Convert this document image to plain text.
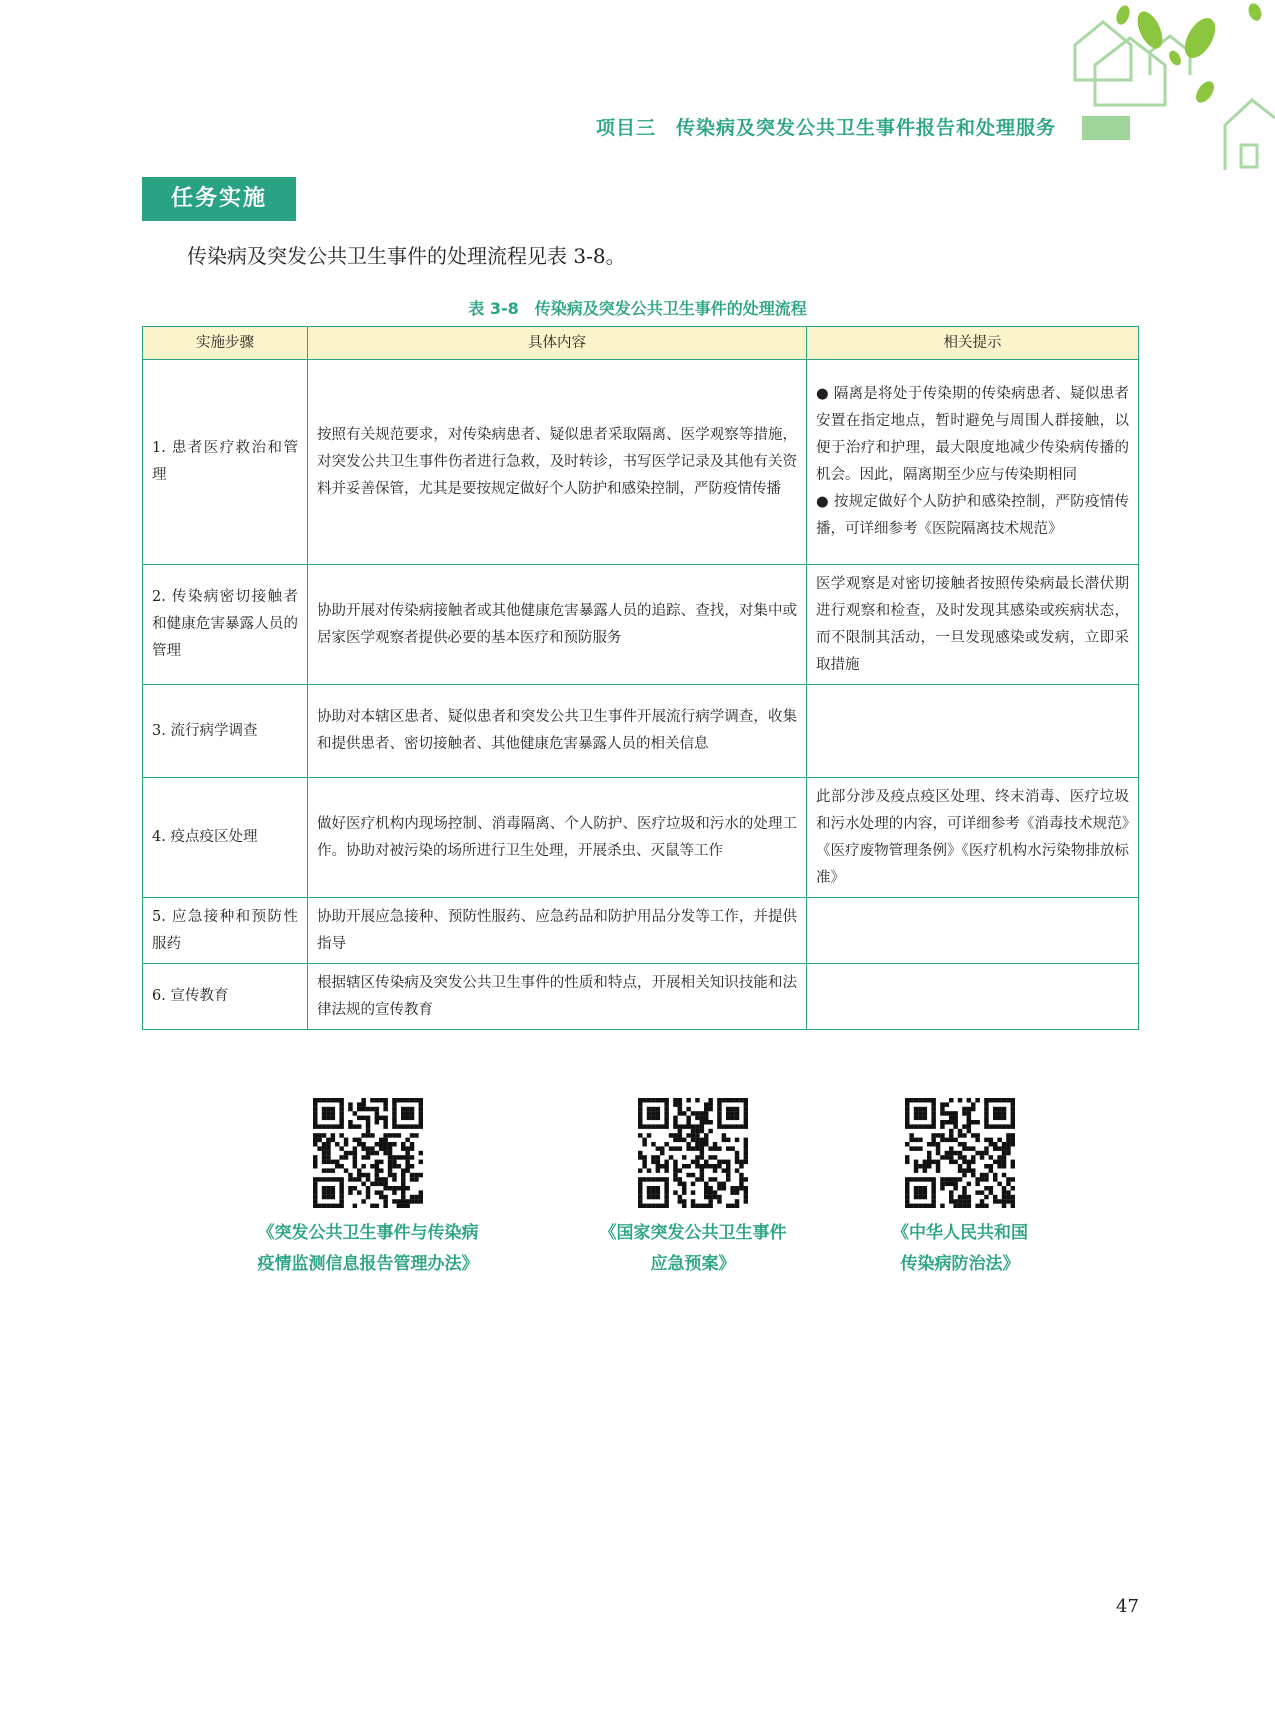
项目三　传染病及突发公共卫生事件报告和处理服务
任务实施
传染病及突发公共卫生事件的处理流程见表 3-8。
表 3-8　传染病及突发公共卫生事件的处理流程
实施步骤	具体内容	相关提示
1. 患者医疗救治和管理	按照有关规范要求，对传染病患者、疑似患者采取隔离、医学观察等措施，对突发公共卫生事件伤者进行急救，及时转诊，书写医学记录及其他有关资料并妥善保管，尤其是要按规定做好个人防护和感染控制，严防疫情传播	● 隔离是将处于传染期的传染病患者、疑似患者安置在指定地点，暂时避免与周围人群接触，以便于治疗和护理，最大限度地减少传染病传播的机会。因此，隔离期至少应与传染期相同
● 按规定做好个人防护和感染控制，严防疫情传播，可详细参考《医院隔离技术规范》

2. 传染病密切接触者和健康危害暴露人员的管理	协助开展对传染病接触者或其他健康危害暴露人员的追踪、查找，对集中或居家医学观察者提供必要的基本医疗和预防服务	医学观察是对密切接触者按照传染病最长潜伏期进行观察和检查，及时发现其感染或疾病状态，而不限制其活动，一旦发现感染或发病，立即采取措施
3. 流行病学调查	协助对本辖区患者、疑似患者和突发公共卫生事件开展流行病学调查，收集和提供患者、密切接触者、其他健康危害暴露人员的相关信息	
4. 疫点疫区处理	做好医疗机构内现场控制、消毒隔离、个人防护、医疗垃圾和污水的处理工作。协助对被污染的场所进行卫生处理，开展杀虫、灭鼠等工作	此部分涉及疫点疫区处理、终末消毒、医疗垃圾和污水处理的内容，可详细参考《消毒技术规范》《医疗废物管理条例》《医疗机构水污染物排放标准》
5. 应急接种和预防性服药	协助开展应急接种、预防性服药、应急药品和防护用品分发等工作，并提供指导	
6. 宣传教育	根据辖区传染病及突发公共卫生事件的性质和特点，开展相关知识技能和法律法规的宣传教育	
《突发公共卫生事件与传染病
疫情监测信息报告管理办法》
《国家突发公共卫生事件
应急预案》
《中华人民共和国
传染病防治法》
47
